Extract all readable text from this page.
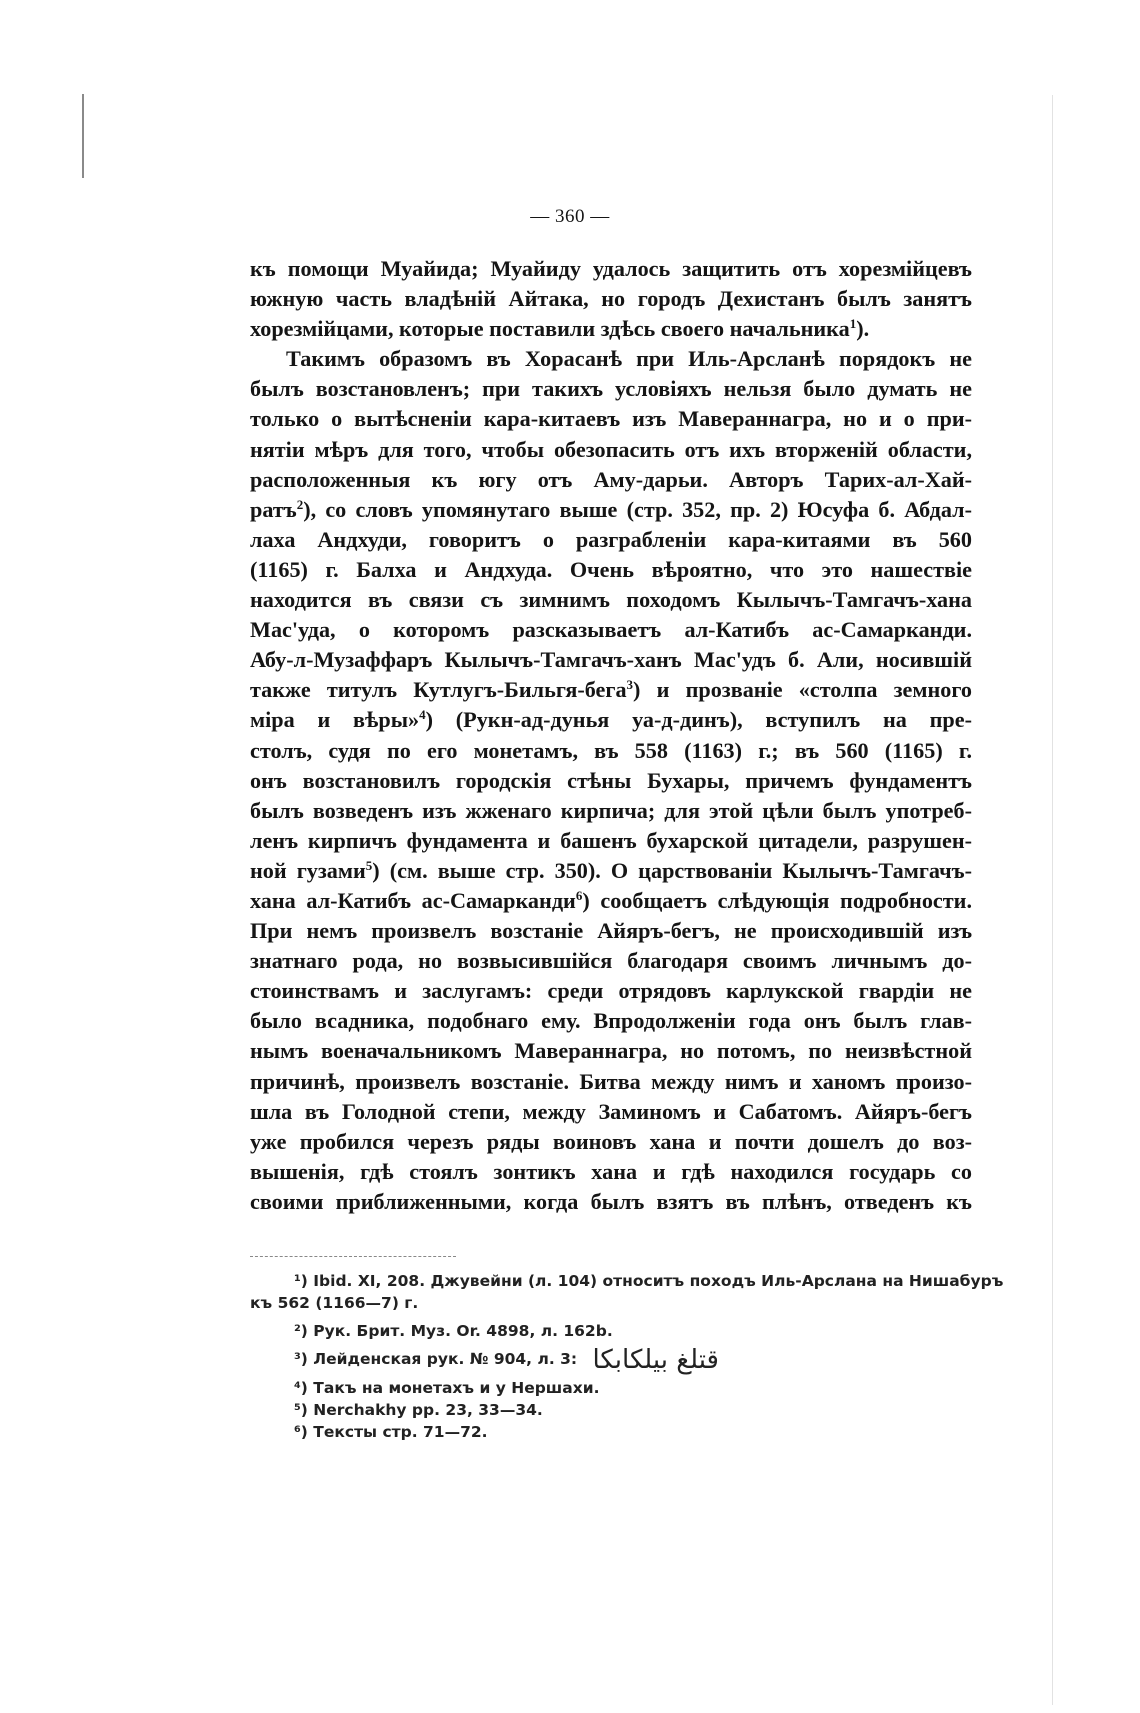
— 360 —
къ помощи Муайида; Муайиду удалось защитить отъ хорезмійцевъ
южную часть владѣній Айтака, но городъ Дехистанъ былъ занятъ
хорезмійцами, которые поставили здѣсь своего начальника$^1$).
Такимъ образомъ въ Хорасанѣ при Иль-Арсланѣ порядокъ не
былъ возстановленъ; при такихъ условіяхъ нельзя было думать не
только о вытѣсненіи кара-китаевъ изъ Мавераннагра, но и о при-
нятіи мѣръ для того, чтобы обезопасить отъ ихъ вторженій области,
расположенныя къ югу отъ Аму-дарьи. Авторъ Тарих-ал-Хай-
ратъ$^2$), со словъ упомянутаго выше (стр. 352, пр. 2) Юсуфа б. Абдал-
лаха Андхуди, говоритъ о разграбленіи кара-китаями въ 560
(1165) г. Балха и Андхуда. Очень вѣроятно, что это нашествіе
находится въ связи съ зимнимъ походомъ Кылычъ-Тамгачъ-хана
Мас'уда, о которомъ разсказываетъ ал-Катибъ ас-Самарканди.
Абу-л-Музаффаръ Кылычъ-Тамгачъ-ханъ Мас'удъ б. Али, носившій
также титулъ Кутлугъ-Бильгя-бега$^3$) и прозваніе «столпа земного
міра и вѣры»$^4$) (Рукн-ад-дунья уа-д-динъ), вступилъ на пре-
столъ, судя по его монетамъ, въ 558 (1163) г.; въ 560 (1165) г.
онъ возстановилъ городскія стѣны Бухары, причемъ фундаментъ
былъ возведенъ изъ жженаго кирпича; для этой цѣли былъ употреб-
ленъ кирпичъ фундамента и башенъ бухарской цитадели, разрушен-
ной гузами$^5$) (см. выше стр. 350). О царствованіи Кылычъ-Тамгачъ-
хана ал-Катибъ ас-Самарканди$^6$) сообщаетъ слѣдующія подробности.
При немъ произвелъ возстаніе Айяръ-бегъ, не происходившій изъ
знатнаго рода, но возвысившійся благодаря своимъ личнымъ до-
стоинствамъ и заслугамъ: среди отрядовъ карлукской гвардіи не
было всадника, подобнаго ему. Впродолженіи года онъ былъ глав-
нымъ военачальникомъ Мавераннагра, но потомъ, по неизвѣстной
причинѣ, произвелъ возстаніе. Битва между нимъ и ханомъ произо-
шла въ Голодной степи, между Заминомъ и Сабатомъ. Айяръ-бегъ
уже пробился черезъ ряды воиновъ хана и почти дошелъ до воз-
вышенія, гдѣ стоялъ зонтикъ хана и гдѣ находился государь со
своими приближенными, когда былъ взятъ въ плѣнъ, отведенъ къ
¹) Ibid. XI, 208. Джувейни (л. 104) относитъ походъ Иль-Арслана на Нишабуръ
къ 562 (1166—7) г.
²) Рук. Брит. Муз. Or. 4898, л. 162b.
³) Лейденская рук. № 904, л. 3: قتلغ بيلكابكا
⁴) Такъ на монетахъ и у Нершахи.
⁵) Nerchakhy pp. 23, 33—34.
⁶) Тексты стр. 71—72.
